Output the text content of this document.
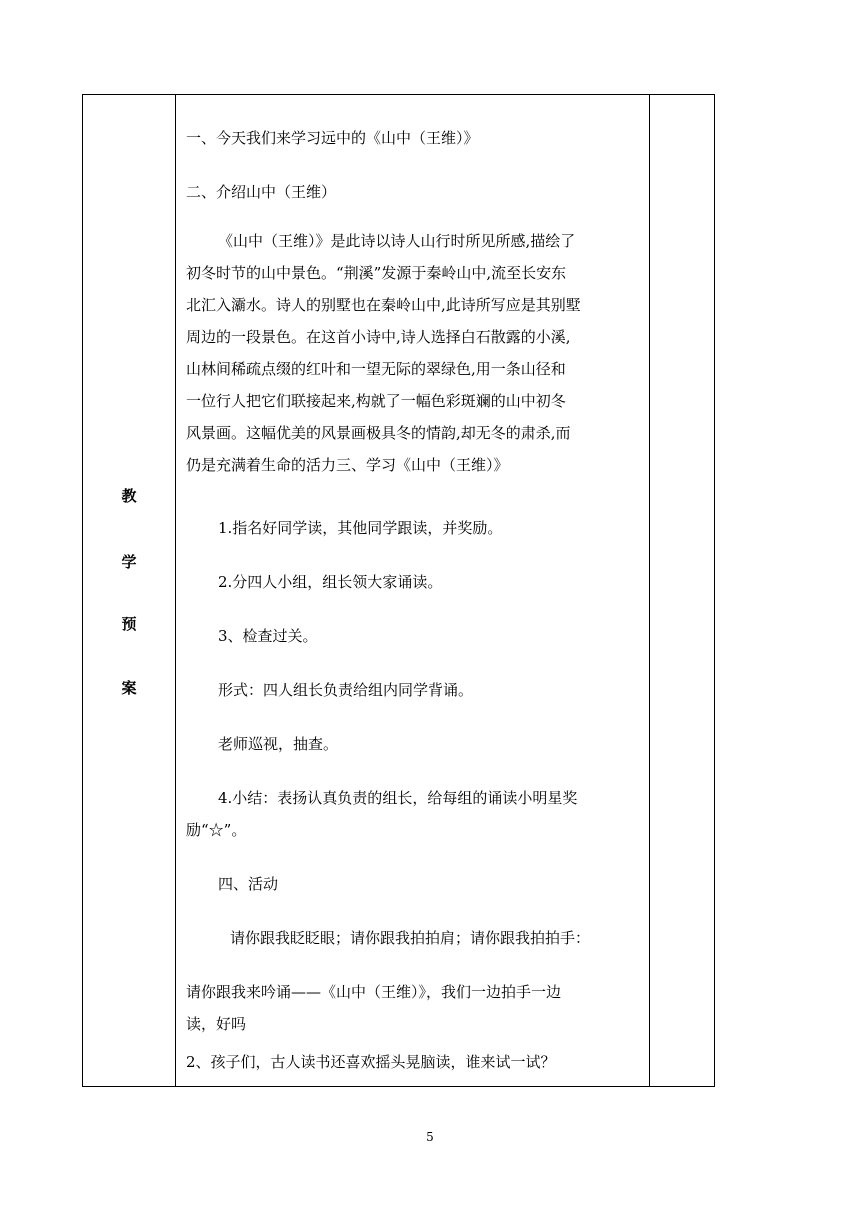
教
学
预
案
一、今天我们来学习远中的《山中（王维）》
二、介绍山中（王维）
《山中（王维）》是此诗以诗人山行时所见所感,描绘了
初冬时节的山中景色。“荆溪”发源于秦岭山中,流至长安东
北汇入灞水。诗人的别墅也在秦岭山中,此诗所写应是其别墅
周边的一段景色。在这首小诗中,诗人选择白石散露的小溪,
山林间稀疏点缀的红叶和一望无际的翠绿色,用一条山径和
一位行人把它们联接起来,构就了一幅色彩斑斓的山中初冬
风景画。这幅优美的风景画极具冬的情韵,却无冬的肃杀,而
仍是充满着生命的活力三、学习《山中（王维）》
1.指名好同学读，其他同学跟读，并奖励。
2.分四人小组，组长领大家诵读。
3、检查过关。
形式：四人组长负责给组内同学背诵。
老师巡视，抽查。
4.小结：表扬认真负责的组长，给每组的诵读小明星奖
励“☆”。
四、活动
请你跟我眨眨眼；请你跟我拍拍肩；请你跟我拍拍手：
请你跟我来吟诵——《山中（王维）》，我们一边拍手一边
读，好吗
2、孩子们，古人读书还喜欢摇头晃脑读，谁来试一试？
5
